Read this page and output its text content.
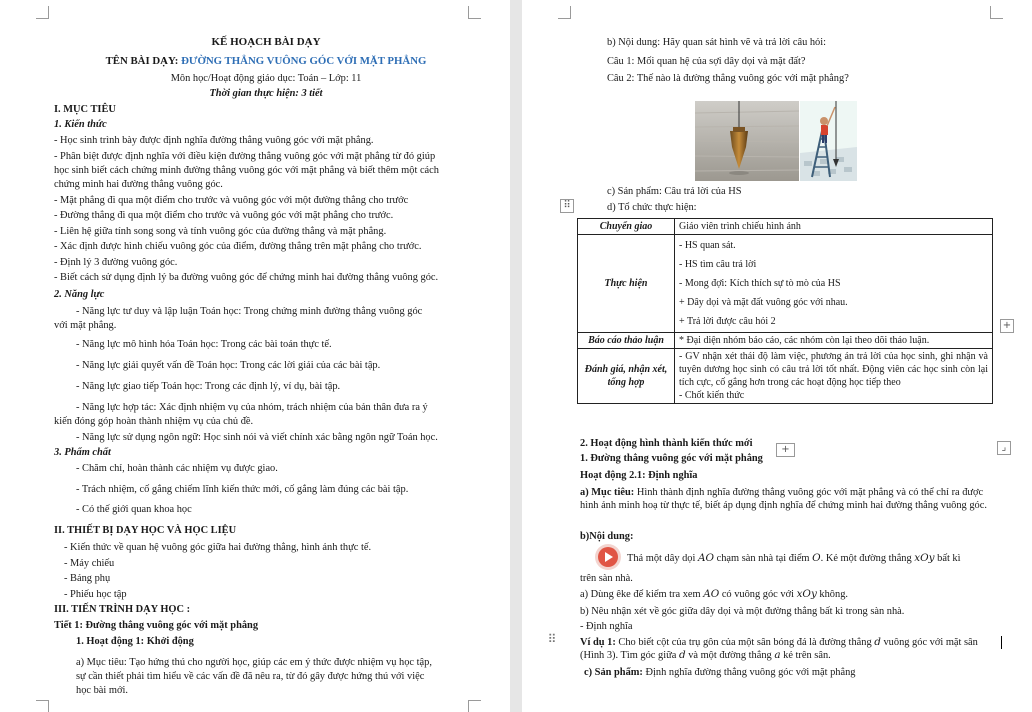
KẾ HOẠCH BÀI DẠY
TÊN BÀI DẠY: ĐƯỜNG THẲNG VUÔNG GÓC VỚI MẶT PHẲNG
Môn học/Hoạt động giáo dục: Toán – Lớp: 11
Thời gian thực hiện: 3 tiết
I. MỤC TIÊU
1. Kiến thức
- Học sinh trình bày được định nghĩa đường thẳng vuông góc với mặt phẳng.
- Phân biệt được định nghĩa với điều kiện đường thẳng vuông góc với mặt phẳng từ đó giúp
học sinh biết cách chứng minh đường thẳng vuông góc với mặt phẳng và biết thêm một cách
chứng minh hai đường thẳng vuông góc.
- Mặt phẳng đi qua một điểm cho trước và vuông góc với một đường thẳng cho trước
- Đường thẳng đi qua một điểm cho trước và vuông góc với mặt phẳng cho trước.
- Liên hệ giữa tính song song và tính vuông góc của đường thẳng và mặt phẳng.
- Xác định được hình chiếu vuông góc của điểm, đường thẳng trên mặt phẳng cho trước.
- Định lý 3 đường vuông góc.
- Biết cách sử dụng định lý ba đường vuông góc để chứng minh hai đường thẳng vuông góc.
2. Năng lực
- Năng lực tư duy và lập luận Toán học: Trong chứng minh đường thẳng vuông góc
với mặt phẳng.
- Năng lực mô hình hóa Toán học: Trong các bài toán thực tế.
- Năng lực giải quyết vấn đề Toán học: Trong các lời giải của các bài tập.
- Năng lực giao tiếp Toán học: Trong các định lý, ví dụ, bài tập.
- Năng lực hợp tác: Xác định nhiệm vụ của nhóm, trách nhiệm của bản thân đưa ra ý
kiến đóng góp hoàn thành nhiệm vụ của chủ đề.
- Năng lực sử dụng ngôn ngữ: Học sinh nói và viết chính xác bằng ngôn ngữ Toán học.
3. Phẩm chất
- Chăm chỉ, hoàn thành các nhiệm vụ được giao.
- Trách nhiệm, cố gắng chiếm lĩnh kiến thức mới, cố gắng làm đúng các bài tập.
- Có thế giới quan khoa học
II. THIẾT BỊ DẠY HỌC VÀ HỌC LIỆU
- Kiến thức về quan hệ vuông góc giữa hai đường thẳng, hình ảnh thực tế.
- Máy chiếu
- Bảng phụ
- Phiếu học tập
III. TIẾN TRÌNH DẠY HỌC :
Tiết 1: Đường thẳng vuông góc với mặt phẳng
1. Hoạt động 1: Khởi động
a) Mục tiêu: Tạo hứng thú cho người học, giúp các em ý thức được nhiệm vụ học tập,
sự cần thiết phải tìm hiểu về các vấn đề đã nêu ra, từ đó gây được hứng thú với việc
học bài mới.
b) Nội dung: Hãy quan sát hình vẽ và trả lời câu hỏi:
Câu 1: Mối quan hệ của sợi dây dọi và mặt đất?
Câu 2: Thế nào là đường thẳng vuông góc với mặt phẳng?
c) Sản phẩm: Câu trả lời của HS
⠿	d) Tổ chức thực hiện:
Chuyển giao	Giáo viên trình chiếu hình ảnh
Thực hiện	- HS quan sát.
- HS tìm câu trả lời
- Mong đợi: Kích thích sự tò mò của HS
+ Dây dọi và mặt đất vuông góc với nhau.
+ Trả lời được câu hỏi 2

Báo cáo thảo luận	* Đại diện nhóm báo cáo, các nhóm còn lại theo dõi thảo luận.
Đánh giá, nhận xét, tổng hợp	- GV nhận xét thái độ làm việc, phương án trả lời của học sinh, ghi nhận và tuyên dương học sinh có câu trả lời tốt nhất. Động viên các học sinh còn lại tích cực, cố gắng hơn trong các hoạt động học tiếp theo
- Chốt kiến thức
+
2. Hoạt động hình thành kiến thức mới
+	⌟
1. Đường thẳng vuông góc với mặt phẳng
Hoạt động 2.1: Định nghĩa
a) Mục tiêu: Hình thành định nghĩa đường thẳng vuông góc với mặt phẳng và có thể chỉ ra được hình ảnh minh hoạ từ thực tế, biết áp dụng định nghĩa để chứng minh hai đường thẳng vuông góc.
b)Nội dung:
Thả một dây dọi 𝐴𝑂 chạm sàn nhà tại điểm 𝑂. Kẻ một đường thẳng 𝑥𝑂𝑦 bất kì
trên sàn nhà.
a) Dùng êke để kiểm tra xem 𝐴𝑂 có vuông góc với 𝑥𝑂𝑦 không.
b) Nêu nhận xét về góc giữa dây dọi và một đường thẳng bất kì trong sàn nhà.
- Định nghĩa
⠿ Ví dụ 1: Cho biết cột của trụ gôn của một sân bóng đá là đường thẳng 𝑑 vuông góc với mặt sân (Hình 3). Tìm góc giữa 𝑑 và một đường thẳng 𝑎 kẻ trên sân.
c) Sản phẩm: Định nghĩa đường thẳng vuông góc với mặt phẳng
